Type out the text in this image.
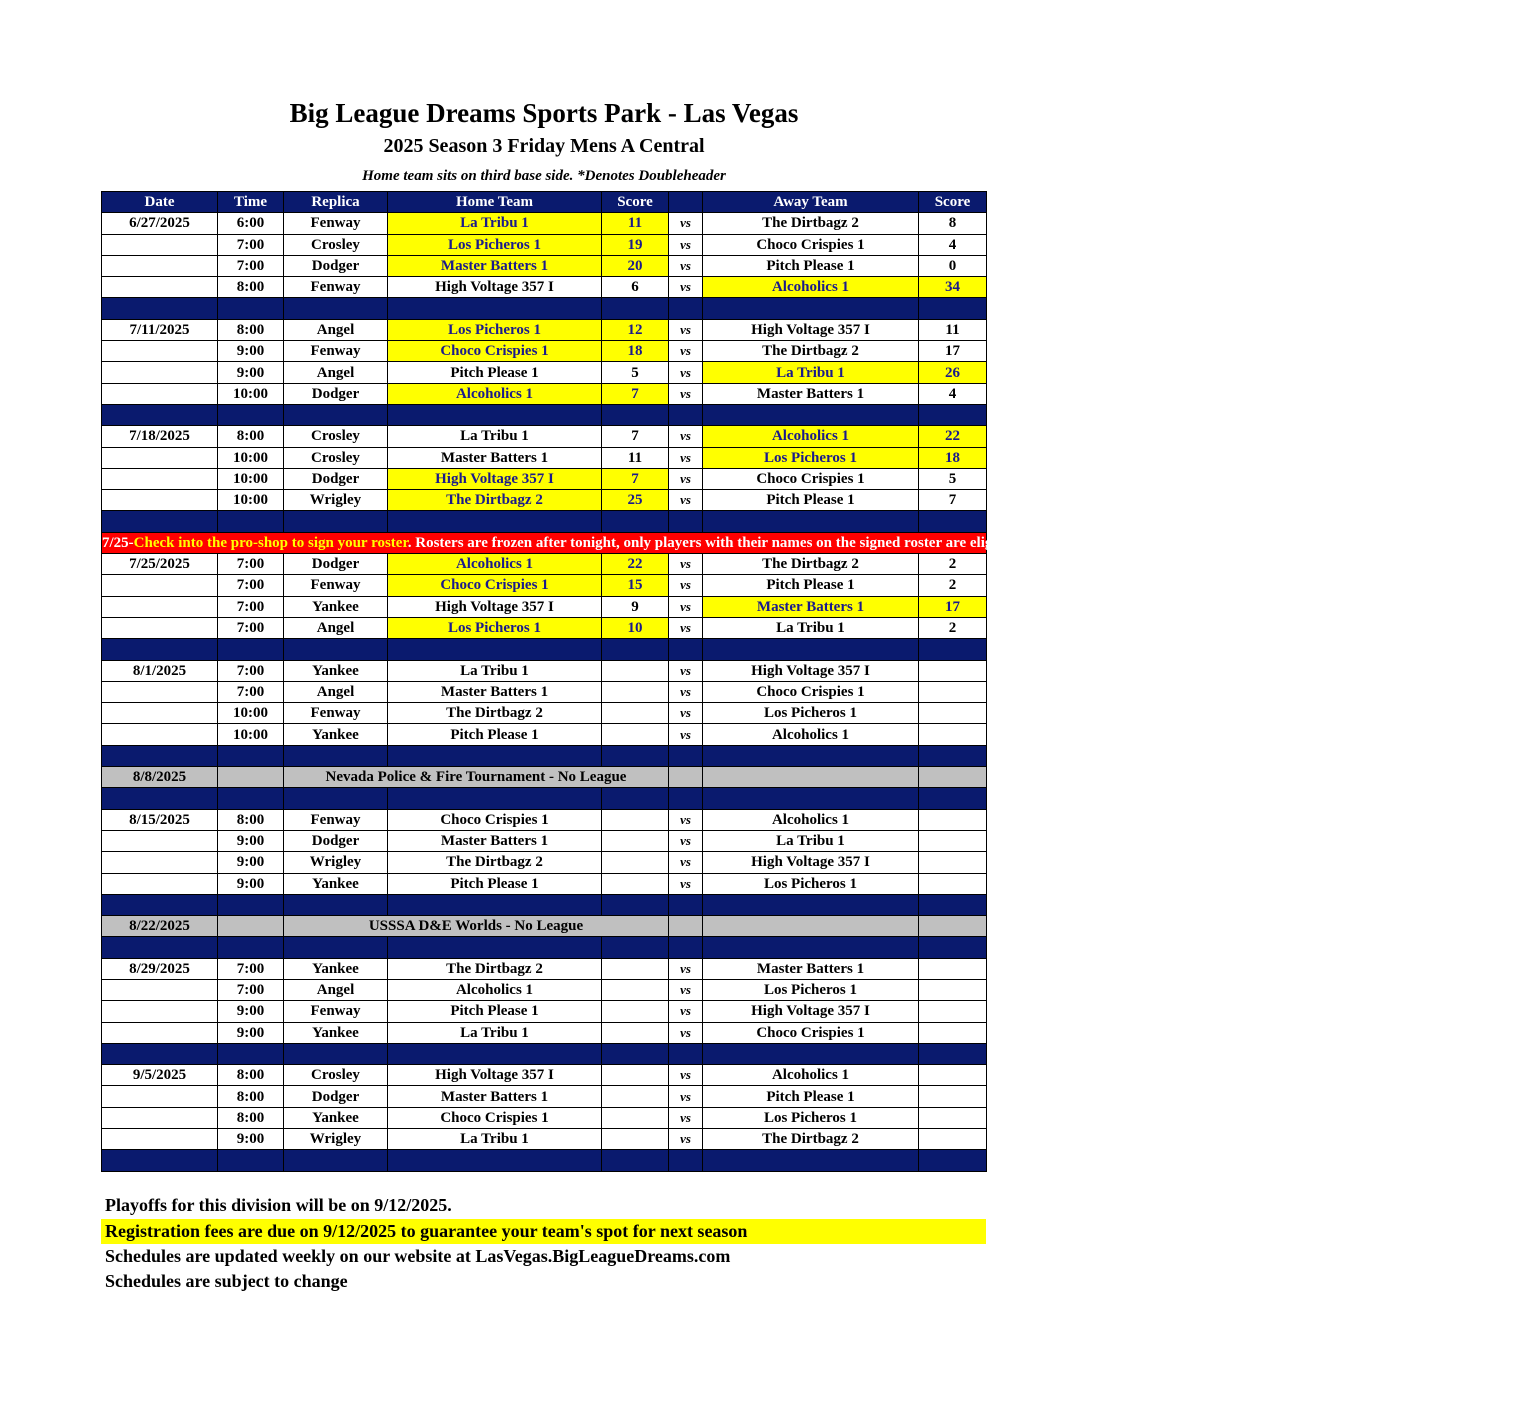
Big League Dreams Sports Park - Las Vegas
2025 Season 3 Friday Mens A Central
Home team sits on third base side. *Denotes Doubleheader
Date	Time	Replica	Home Team	Score		Away Team	Score
6/27/2025	6:00	Fenway	La Tribu 1	11	vs	The Dirtbagz 2	8
	7:00	Crosley	Los Picheros 1	19	vs	Choco Crispies 1	4
	7:00	Dodger	Master Batters 1	20	vs	Pitch Please 1	0
	8:00	Fenway	High Voltage 357 I	6	vs	Alcoholics 1	34

7/11/2025	8:00	Angel	Los Picheros 1	12	vs	High Voltage 357 I	11
	9:00	Fenway	Choco Crispies 1	18	vs	The Dirtbagz 2	17
	9:00	Angel	Pitch Please 1	5	vs	La Tribu 1	26
	10:00	Dodger	Alcoholics 1	7	vs	Master Batters 1	4

7/18/2025	8:00	Crosley	La Tribu 1	7	vs	Alcoholics 1	22
	10:00	Crosley	Master Batters 1	11	vs	Los Picheros 1	18
	10:00	Dodger	High Voltage 357 I	7	vs	Choco Crispies 1	5
	10:00	Wrigley	The Dirtbagz 2	25	vs	Pitch Please 1	7

7/25-Check into the pro-shop to sign your roster. Rosters are frozen after tonight, only players with their names on the signed roster are eligible for playoffs. Please check carefully as changes will not be made for omissions.							
7/25/2025	7:00	Dodger	Alcoholics 1	22	vs	The Dirtbagz 2	2
	7:00	Fenway	Choco Crispies 1	15	vs	Pitch Please 1	2
	7:00	Yankee	High Voltage 357 I	9	vs	Master Batters 1	17
	7:00	Angel	Los Picheros 1	10	vs	La Tribu 1	2

8/1/2025	7:00	Yankee	La Tribu 1		vs	High Voltage 357 I	
	7:00	Angel	Master Batters 1		vs	Choco Crispies 1	
	10:00	Fenway	The Dirtbagz 2		vs	Los Picheros 1	
	10:00	Yankee	Pitch Please 1		vs	Alcoholics 1	

8/8/2025		Nevada Police & Fire Tournament - No League					

8/15/2025	8:00	Fenway	Choco Crispies 1		vs	Alcoholics 1	
	9:00	Dodger	Master Batters 1		vs	La Tribu 1	
	9:00	Wrigley	The Dirtbagz 2		vs	High Voltage 357 I	
	9:00	Yankee	Pitch Please 1		vs	Los Picheros 1	

8/22/2025		USSSA D&E Worlds - No League					

8/29/2025	7:00	Yankee	The Dirtbagz 2		vs	Master Batters 1	
	7:00	Angel	Alcoholics 1		vs	Los Picheros 1	
	9:00	Fenway	Pitch Please 1		vs	High Voltage 357 I	
	9:00	Yankee	La Tribu 1		vs	Choco Crispies 1	

9/5/2025	8:00	Crosley	High Voltage 357 I		vs	Alcoholics 1	
	8:00	Dodger	Master Batters 1		vs	Pitch Please 1	
	8:00	Yankee	Choco Crispies 1		vs	Los Picheros 1	
	9:00	Wrigley	La Tribu 1		vs	The Dirtbagz 2	

Playoffs for this division will be on 9/12/2025.
Registration fees are due on 9/12/2025 to guarantee your team's spot for next season
Schedules are updated weekly on our website at LasVegas.BigLeagueDreams.com
Schedules are subject to change
